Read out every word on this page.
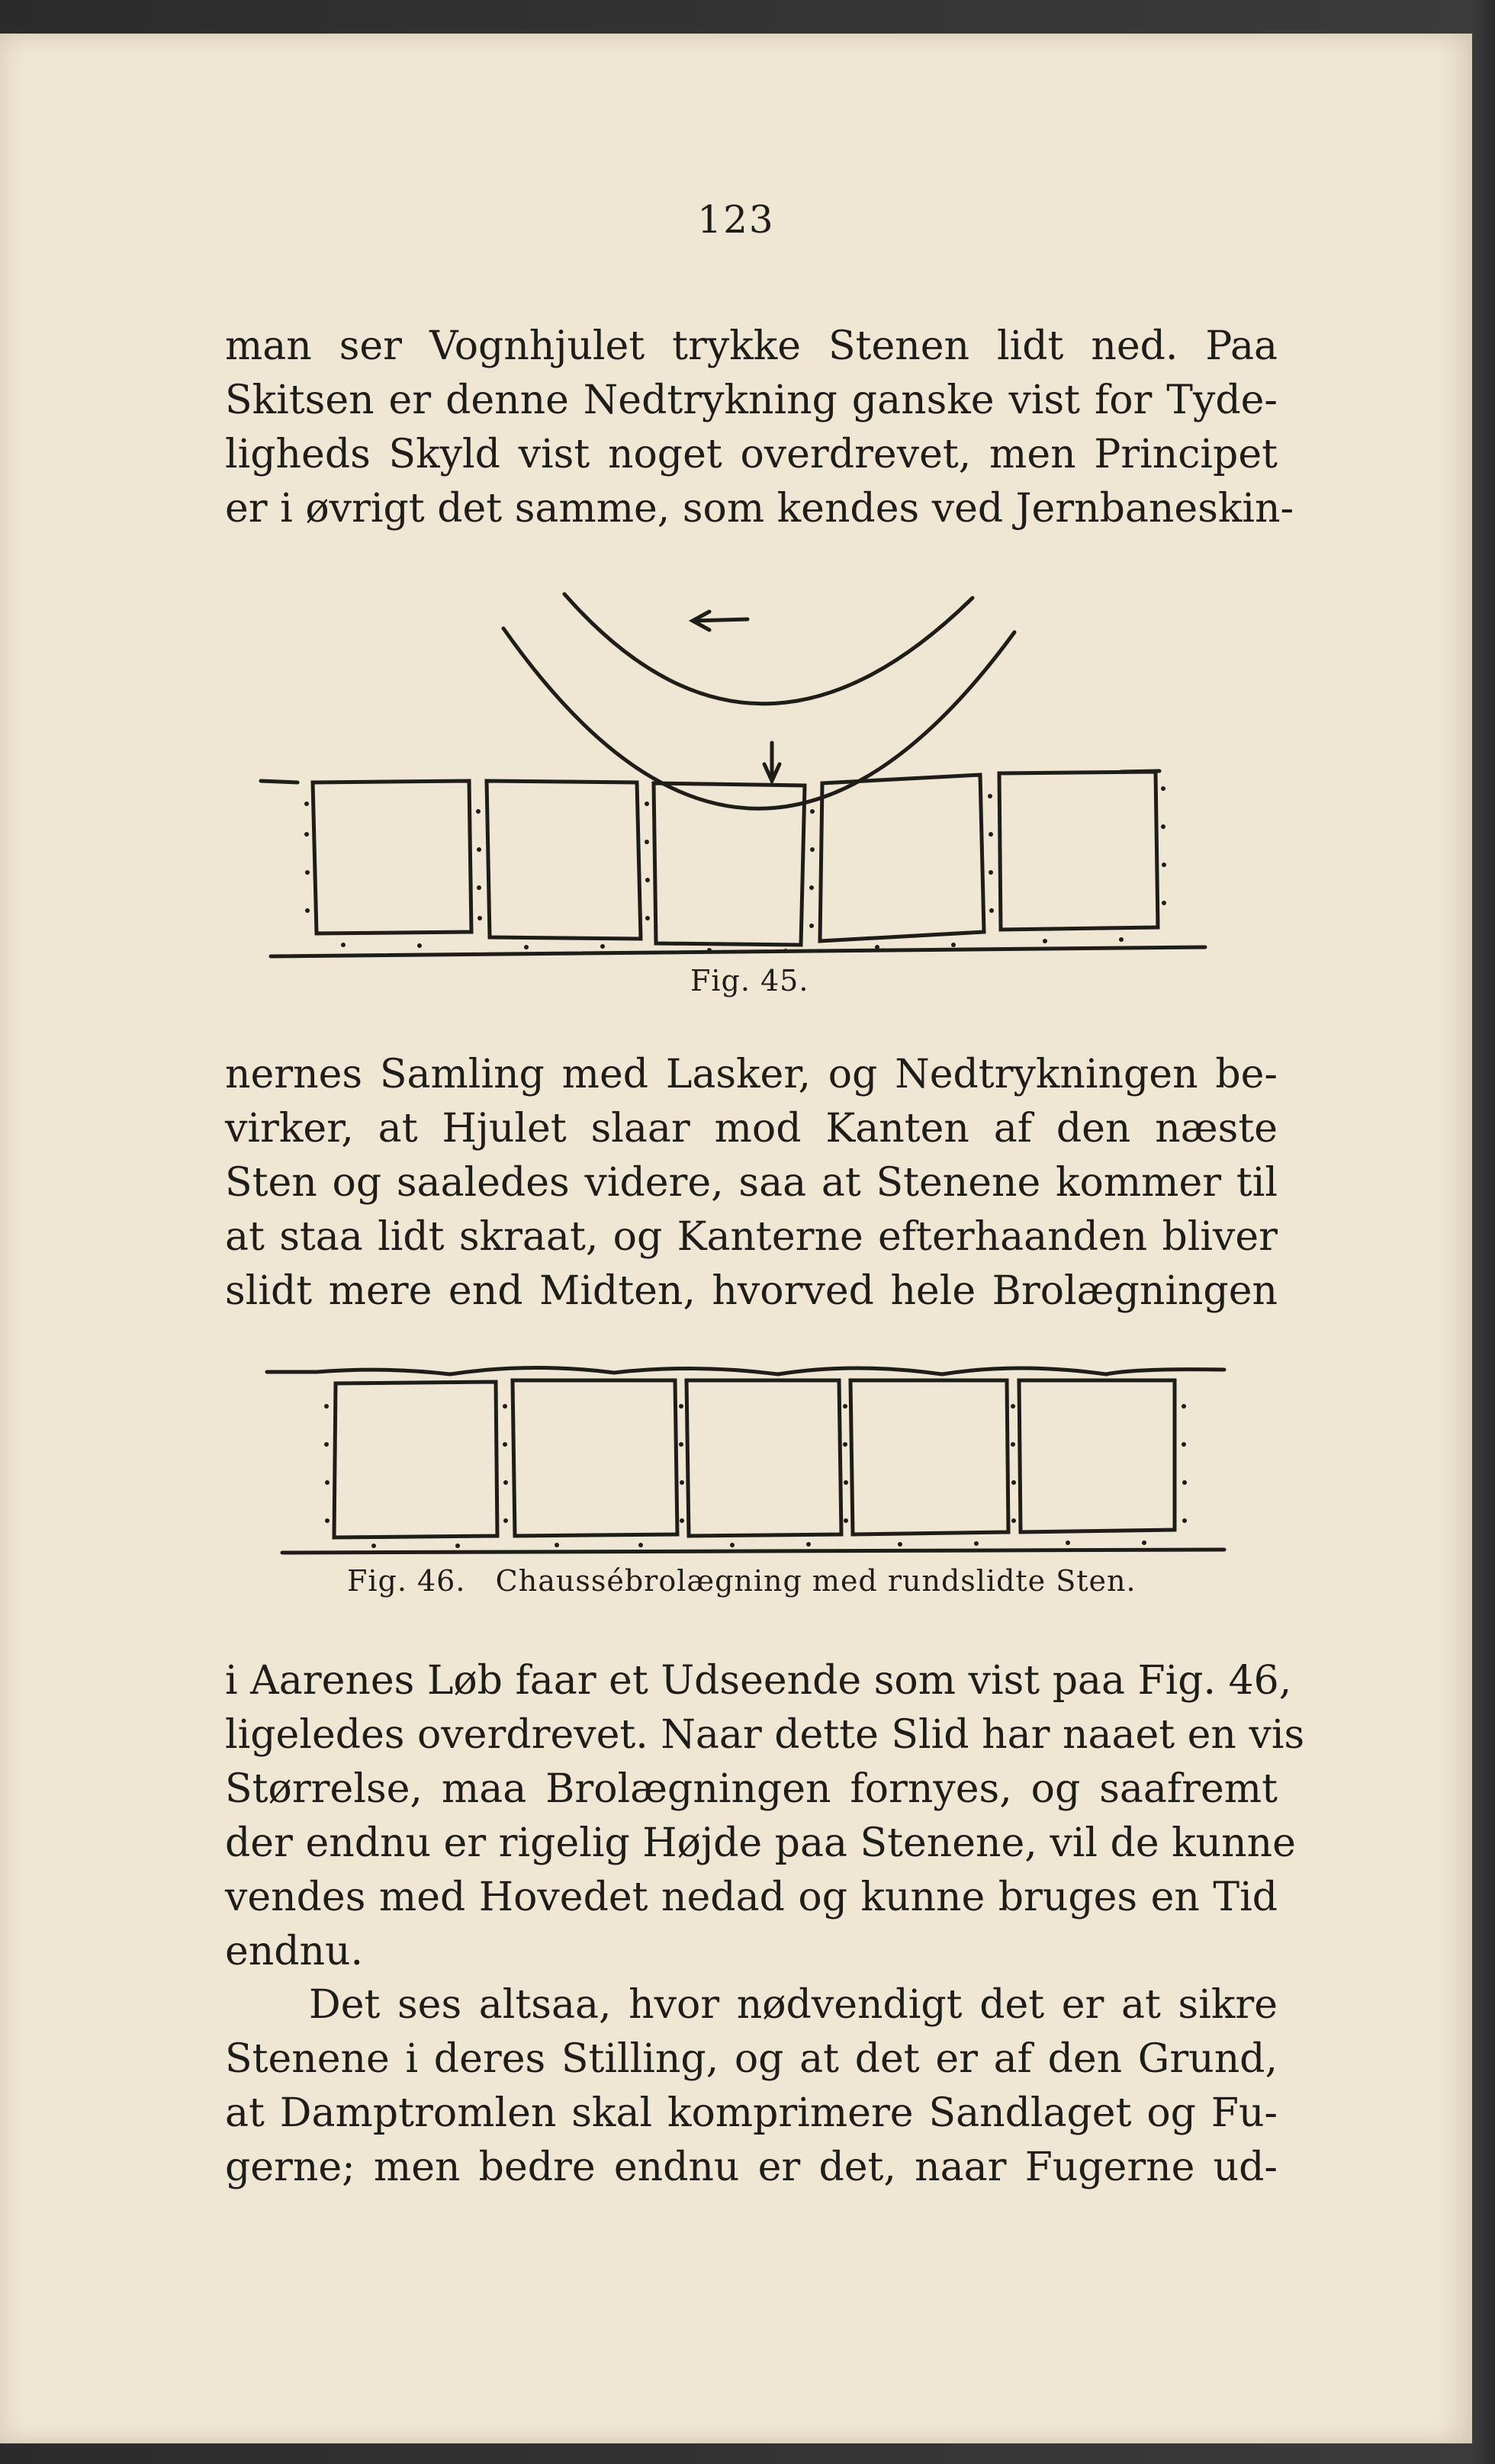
123
man ser Vognhjulet trykke Stenen lidt ned. Paa
Skitsen er denne Nedtrykning ganske vist for Tyde-
ligheds Skyld vist noget overdrevet, men Principet
er i øvrigt det samme, som kendes ved Jernbaneskin-
Fig. 45.
nernes Samling med Lasker, og Nedtrykningen be-
virker, at Hjulet slaar mod Kanten af den næste
Sten og saaledes videre, saa at Stenene kommer til
at staa lidt skraat, og Kanterne efterhaanden bliver
slidt mere end Midten, hvorved hele Brolægningen
Fig. 46.   Chaussébrolægning med rundslidte Sten.
i Aarenes Løb faar et Udseende som vist paa Fig. 46,
ligeledes overdrevet. Naar dette Slid har naaet en vis
Størrelse, maa Brolægningen fornyes, og saafremt
der endnu er rigelig Højde paa Stenene, vil de kunne
vendes med Hovedet nedad og kunne bruges en Tid
endnu.
Det ses altsaa, hvor nødvendigt det er at sikre
Stenene i deres Stilling, og at det er af den Grund,
at Damptromlen skal komprimere Sandlaget og Fu-
gerne; men bedre endnu er det, naar Fugerne ud-
